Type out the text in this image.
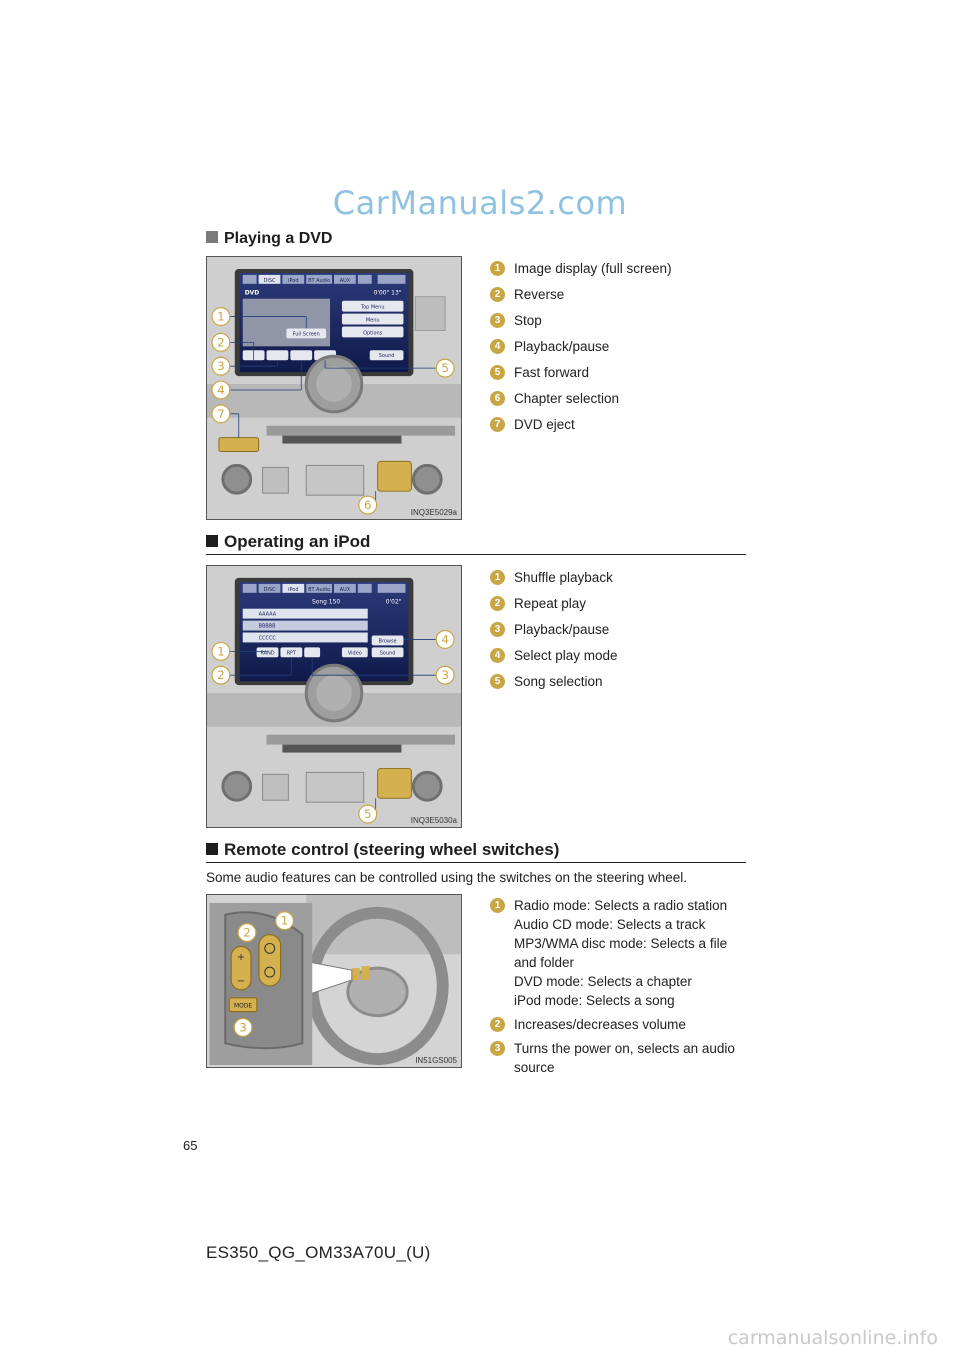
CarManuals2.com
Playing a DVD
DISC	iPod BT Audio AUX
DVD	0'00" 13"
Top Menu
Menu
Options
Full Screen
Sound
1
2
3
4
7
5
6
INQ3E5029a
1	Image display (full screen)
2	Reverse
3	Stop
4	Playback/pause
5	Fast forward
6	Chapter selection
7	DVD eject
Operating an iPod
DISC	iPod BT Audio AUX
Song 150	0'02"
AAAAA
BBBBB
CCCCC	Browse
RAND RPT	Video	Sound
1
2	3
4
5	INQ3E5030a
1	Shuffle playback
2	Repeat play
3	Playback/pause
4	Select play mode
5	Song selection
Remote control (steering wheel switches)
Some audio features can be controlled using the switches on the steering wheel.
+
−
MODE
1
2
3
IN51GS005
1	Radio mode: Selects a radio station
Audio CD mode: Selects a track
MP3/WMA disc mode: Selects a file and folder
DVD mode: Selects a chapter
iPod mode: Selects a song
2	Increases/decreases volume
3	Turns the power on, selects an audio source
65
ES350_QG_OM33A70U_(U)
carmanualsonline.info
